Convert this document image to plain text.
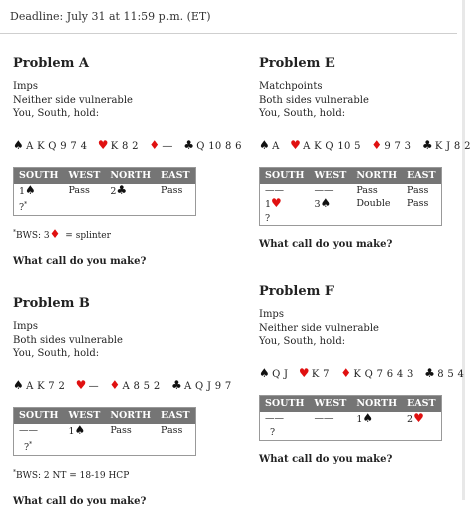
Deadline: July 31 at 11:59 p.m. (ET)
Problem A
Imps
Neither side vulnerable
You, South, hold:
♠ A K Q 9 7 4 ♥ K 8 2 ♦ — ♣ Q 10 8 6
SOUTH	WEST	NORTH	EAST
1♠	Pass	2♣	Pass
?*			
*BWS: 3♦ = splinter
What call do you make?
Problem E
Matchpoints
Both sides vulnerable
You, South, hold:
♠ A ♥ A K Q 10 5 ♦ 9 7 3 ♣ K J 8 2
SOUTH	WEST	NORTH	EAST
——	——	Pass	Pass
1♥	3♠	Double	Pass
?			
What call do you make?
Problem B
Imps
Both sides vulnerable
You, South, hold:
♠ A K 7 2 ♥ — ♦ A 8 5 2 ♣ A Q J 9 7
SOUTH	WEST	NORTH	EAST
——	1♠	Pass	Pass
?*			
*BWS: 2 NT = 18-19 HCP
What call do you make?
Problem F
Imps
Neither side vulnerable
You, South, hold:
♠ Q J ♥ K 7 ♦ K Q 7 6 4 3 ♣ 8 5 4
SOUTH	WEST	NORTH	EAST
——	——	1♠	2♥
?			
What call do you make?
